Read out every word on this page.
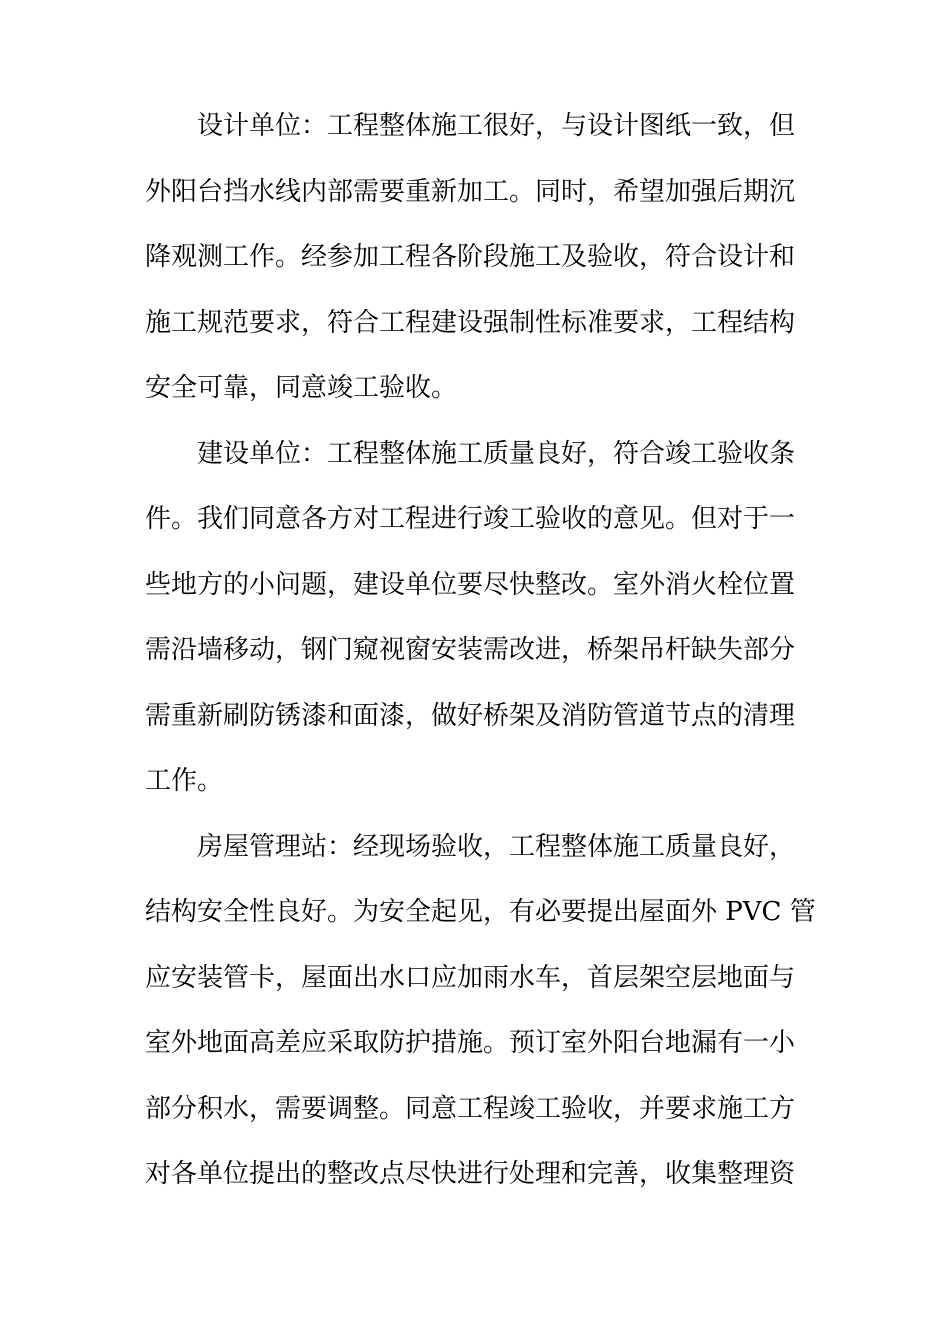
设计单位：工程整体施工很好，与设计图纸一致，但
外阳台挡水线内部需要重新加工。同时，希望加强后期沉
降观测工作。经参加工程各阶段施工及验收，符合设计和
施工规范要求，符合工程建设强制性标准要求，工程结构
安全可靠，同意竣工验收。
建设单位：工程整体施工质量良好，符合竣工验收条
件。我们同意各方对工程进行竣工验收的意见。但对于一
些地方的小问题，建设单位要尽快整改。室外消火栓位置
需沿墙移动，钢门窥视窗安装需改进，桥架吊杆缺失部分
需重新刷防锈漆和面漆，做好桥架及消防管道节点的清理
工作。
房屋管理站：经现场验收，工程整体施工质量良好，
结构安全性良好。为安全起见，有必要提出屋面外 PVC 管
应安装管卡，屋面出水口应加雨水车，首层架空层地面与
室外地面高差应采取防护措施。预订室外阳台地漏有一小
部分积水，需要调整。同意工程竣工验收，并要求施工方
对各单位提出的整改点尽快进行处理和完善，收集整理资
